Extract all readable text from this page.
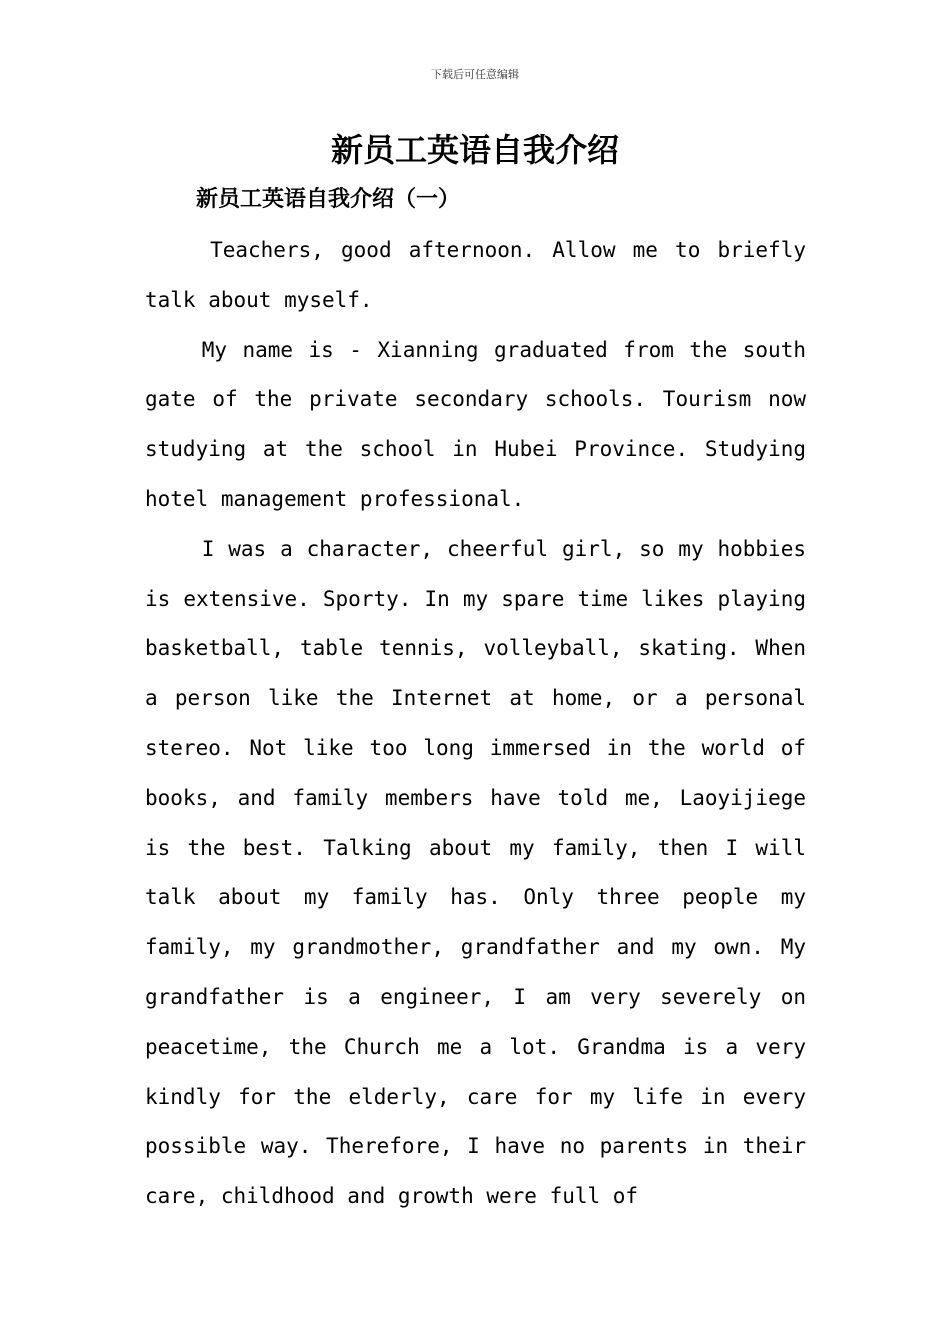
下载后可任意编辑
新员工英语自我介绍
新员工英语自我介绍（一）

Teachers, good afternoon. Allow me to briefly talk about myself.

My name is - Xianning graduated from the south gate of the private secondary schools. Tourism now studying at the school in Hubei Province. Studying hotel management professional.

I was a character, cheerful girl, so my hobbies is extensive. Sporty. In my spare time likes playing basketball, table tennis, volleyball, skating. When a person like the Internet at home, or a personal stereo. Not like too long immersed in the world of books, and family members have told me, Laoyijiege is the best. Talking about my family, then I will talk about my family has. Only three people my family, my grandmother, grandfather and my own. My grandfather is a engineer, I am very severely on peacetime, the Church me a lot. Grandma is a very kindly for the elderly, care for my life in every possible way. Therefore, I have no parents in their care, childhood and growth were full of
